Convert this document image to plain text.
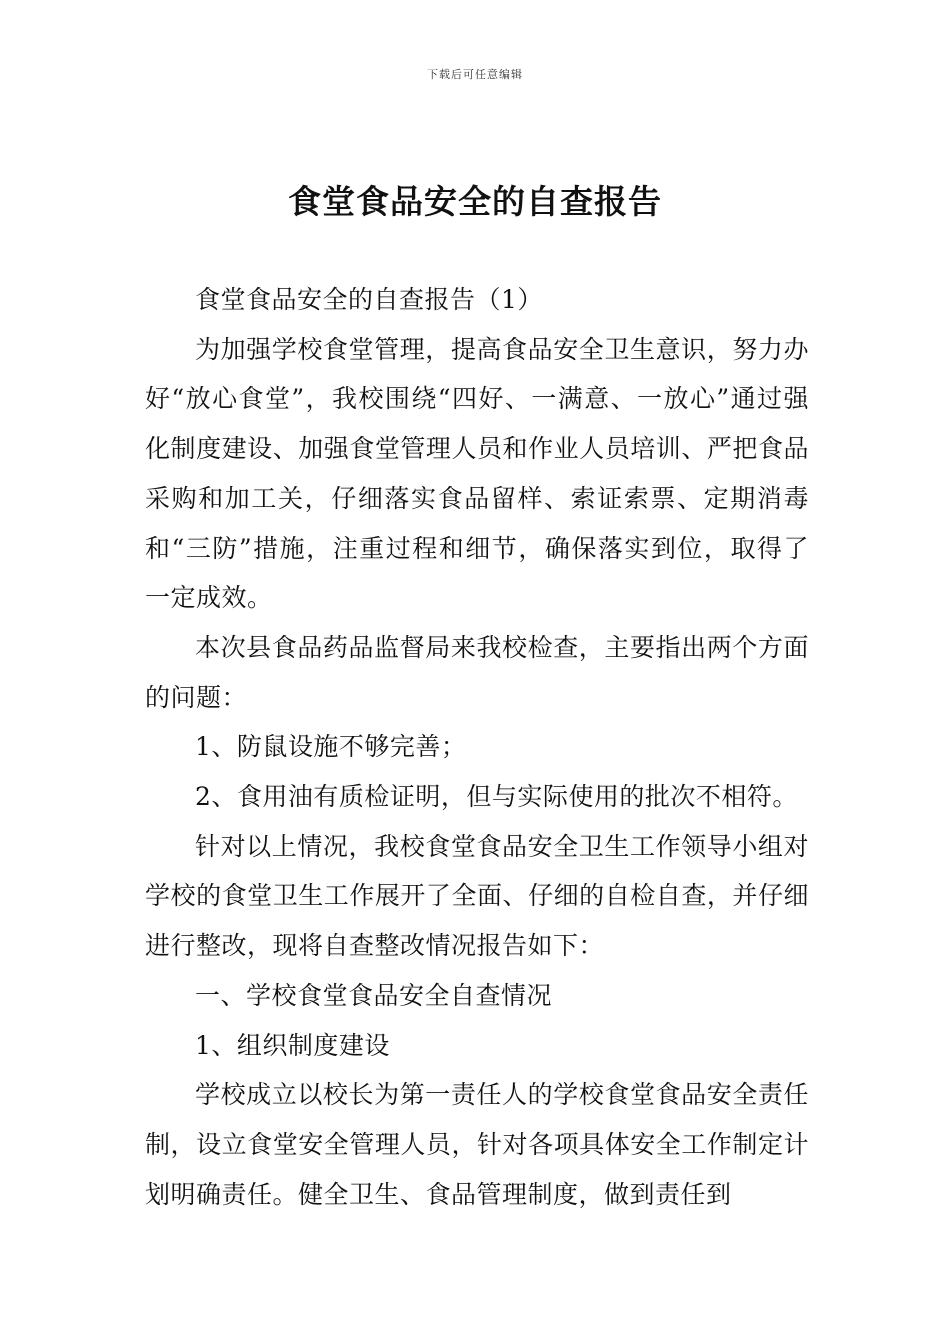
下载后可任意编辑
食堂食品安全的自查报告

食堂食品安全的自查报告（1）

为加强学校食堂管理，提高食品安全卫生意识，努力办好“放心食堂”，我校围绕“四好、一满意、一放心”通过强化制度建设、加强食堂管理人员和作业人员培训、严把食品采购和加工关，仔细落实食品留样、索证索票、定期消毒和“三防”措施，注重过程和细节，确保落实到位，取得了一定成效。

本次县食品药品监督局来我校检查，主要指出两个方面的问题：

1、防鼠设施不够完善；

2、食用油有质检证明，但与实际使用的批次不相符。

针对以上情况，我校食堂食品安全卫生工作领导小组对学校的食堂卫生工作展开了全面、仔细的自检自查，并仔细进行整改，现将自查整改情况报告如下：

一、学校食堂食品安全自查情况

1、组织制度建设

学校成立以校长为第一责任人的学校食堂食品安全责任制，设立食堂安全管理人员，针对各项具体安全工作制定计划明确责任。健全卫生、食品管理制度，做到责任到
